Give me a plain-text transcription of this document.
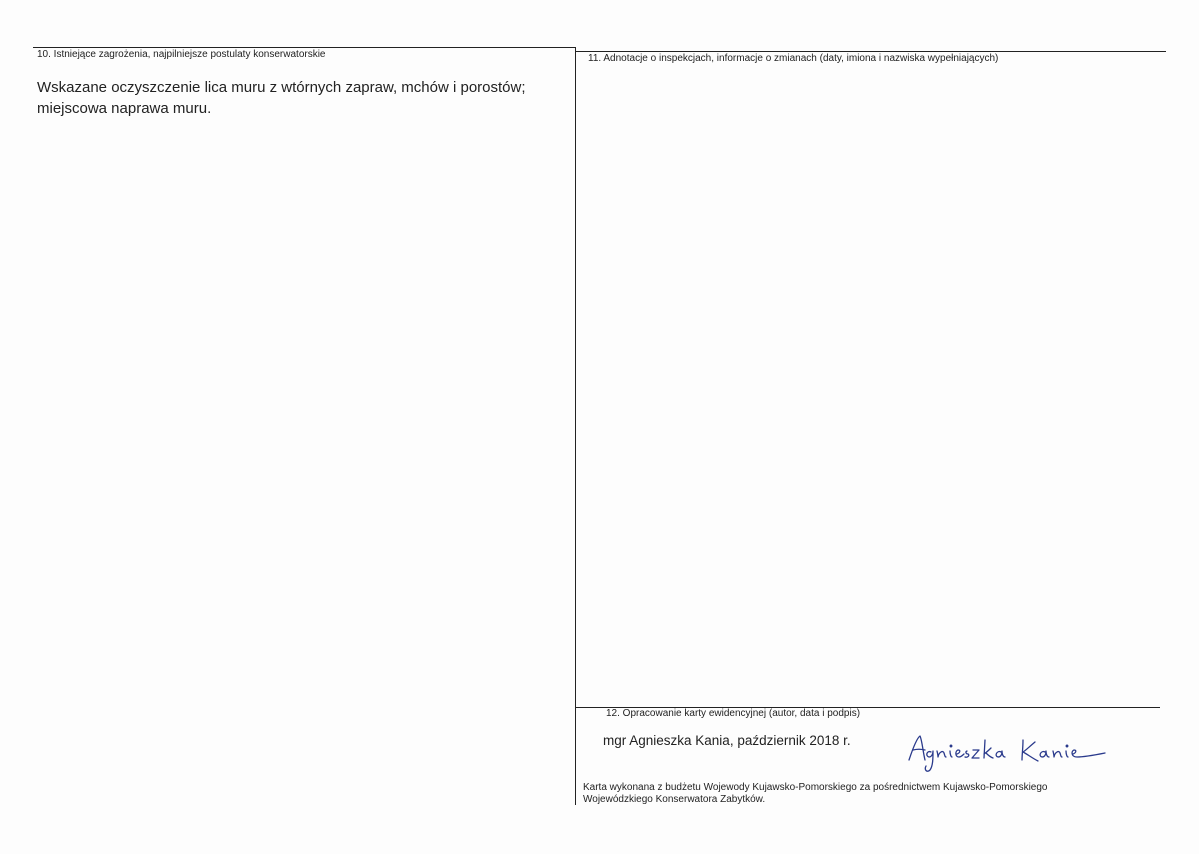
10. Istniejące zagrożenia, najpilniejsze postulaty konserwatorskie
Wskazane oczyszczenie lica muru z wtórnych zapraw, mchów i porostów;
miejscowa naprawa muru.
11. Adnotacje o inspekcjach, informacje o zmianach (daty, imiona i nazwiska wypełniających)
12. Opracowanie karty ewidencyjnej (autor, data i podpis)
mgr Agnieszka Kania, październik 2018 r.
Karta wykonana z budżetu Wojewody Kujawsko-Pomorskiego za pośrednictwem Kujawsko-Pomorskiego
Wojewódzkiego Konserwatora Zabytków.
